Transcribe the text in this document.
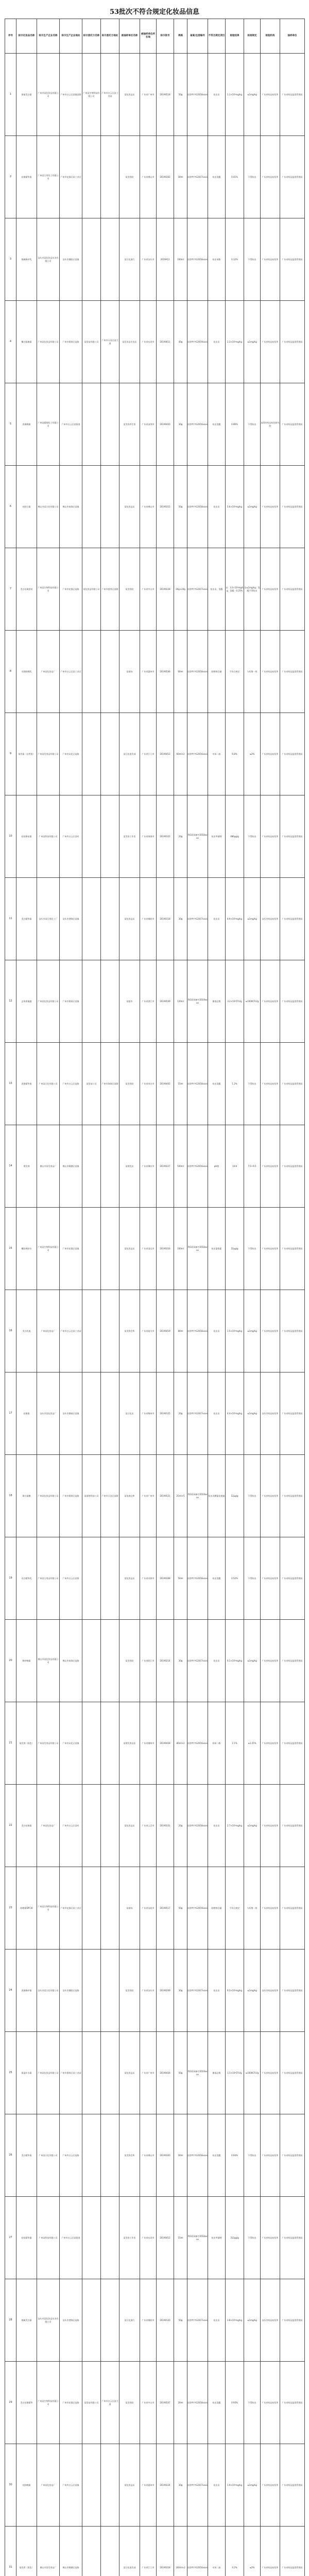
53批次不符合规定化妆品信息
序号	标示化妆品名称	标示生产企业名称	标示生产企业地址	标示委托方名称	标示委托方地址	被抽样单位名称	被抽样单位所在地	标示批号	规格	备案/注册编号	不符合规定项目	检验结果	标准规定	检验机构	抽样单位
1	茵丽美白霜	广州市某化妆品有限公司	广州市白云区某镇某路	广州某生物科技有限公司	广州市白云区某工业园	某化妆品店	广东省广州市	20190518	50g	国妆特字G2018xxxx	检出汞	1.1×10³mg/kg	≤1mg/kg	广东省药品检验所	广东省药品监督管理局
2	祛斑精华液	广州某日用化工有限公司	广州市花都区某工业区			某美容院	广东省佛山市	20190302	30ml	国妆特字G2017xxxx	检出氢醌	0.41%	不得检出	广东省药品检验所	广东省药品监督管理局
3	焕颜修护乳	汕头市某化妆品实业有限公司	汕头市潮阳区某镇			某日化商行	广东省汕头市	2019A12	100ml	国妆特字G2018xxxx	检出苯酚	0.12%	不得检出	广东省药品检验所	广东省药品监督管理局
4	嫩白隔离霜	广州某化妆品有限公司	广州市番禺区某路	某贸易有限公司	广州市天河区某大道	某化妆品专卖店	广东省东莞市	20190611	40g	国妆特字G2019xxxx	检出汞	2.3×10³mg/kg	≤1mg/kg	广东省药品检验所	广东省药品监督管理局
5	淡斑晚霜	广州某精细化工有限公司	广州市白云区某街道			某美容养生馆	广东省深圳市	20190420	30g	国妆特字G2016xxxx	检出氢醌	0.86%	不得检出	深圳市药品检验研究院	广东省药品监督管理局
6	亮肤日霜	佛山市某日化有限公司	佛山市南海区某镇			某化妆品店	广东省佛山市	20190315	50g	国妆特字G2018xxxx	检出汞	5.6×10²mg/kg	≤1mg/kg	广东省药品检验所	广东省药品监督管理局
7	美白祛斑套装	广州某生物科技有限公司	广州市花都区某路	某化妆品有限公司	广州市越秀区某路	某美容院	广东省中山市	20190228	20g+20g	国妆特字G2017xxxx	检出汞、氢醌	汞：3.2×10³mg/kg；氢醌：0.25%	汞≤1mg/kg；氢醌不得检出	广东省药品检验所	广东省药品监督管理局
8	水润防晒乳	广州某化妆品厂	广州市白云区某工业区			某商场	广东省惠州市	20190506	60ml	国妆特字G2018xxxx	防晒剂含量	不符合规定	与标签一致	广东省药品检验所	广东省药品监督管理局
9	染发霜（自然黑）	广州某发用品有限公司	广州市从化区某路			某日化批发部	广东省江门市	20190412	60ml×2	国妆特字G2016xxxx	对苯二胺	6.8%	≤2%	广东省药品检验所	广东省药品监督管理局
10	祛痘修复霜	广州某科技有限公司	广州市白云区某村			某美容工作室	广东省珠海市	20190322	20g	粤G妆网备字2018xxxx	检出甲硝唑	486μg/g	不得检出	广东省药品检验所	广东省药品监督管理局
11	美白精华霜	汕头市某日用化工厂	汕头市澄海区某镇			某化妆品店	广东省揭阳市	20190118	30g	国妆特字G2017xxxx	检出汞	8.9×10²mg/kg	≤1mg/kg	汕头市药品检验所	广东省药品监督管理局
12	去角质凝露	广州某化妆品有限公司	广州市番禺区某镇			某超市	广东省湛江市	20190509	120ml	粤G妆网备字2019xxxx	菌落总数	3.2×10⁴CFU/g	≤1000CFU/g	广东省药品检验所	广东省药品监督管理局
13	淡斑精华液	广州某日化有限公司	广州市白云区某路	某贸易公司	广州市海珠区某路	某美容院	广东省茂名市	20190402	15ml	国妆特字G2018xxxx	检出氢醌	1.2%	不得检出	广东省药品检验所	广东省药品监督管理局
14	烫发剂	佛山市某发用品厂	佛山市顺德区某镇			某理发店	广东省肇庆市	20190227	500ml	国妆特字G2016xxxx	pH值	10.8	7.0~9.5	广东省药品检验所	广东省药品监督管理局
15	嫩肤爽肤水	广州某生物科技有限公司	广州市花都区某镇			某化妆品店	广东省清远市	20190316	100ml	粤G妆网备字2018xxxx	检出氯霉素	22μg/g	不得检出	广东省药品检验所	广东省药品监督管理局
16	美白乳液	广州某化妆品厂	广州市白云区某工业园			某美容会所	广东省韶关市	20190419	80ml	国妆特字G2018xxxx	检出汞	1.5×10³mg/kg	≤1mg/kg	广东省药品检验所	广东省药品监督管理局
17	祛斑霜	汕头市某化妆品厂	汕头市潮南区某镇			某日化店	广东省梅州市	20190125	20g	国妆特字G2017xxxx	检出汞	4.4×10³mg/kg	≤1mg/kg	汕头市药品检验所	广东省药品监督管理局
18	焕白面膜	广州某化妆品有限公司	广州市番禺区某路	某网络科技公司	广州市天河区某路	某电商仓库	广东省广州市	20190521	25ml×5	粤G妆网备字2019xxxx	检出丙酸氯倍他索	12μg/g	不得检出	广东省药品检验所	广东省药品监督管理局
19	亮白精华乳	广州某日用品有限公司	广州市白云区某街			某化妆品店	广东省河源市	20190308	50ml	国妆特字G2018xxxx	检出氢醌	0.52%	不得检出	广东省药品检验所	广东省药品监督管理局
20	修护晚霜	佛山市某化妆品有限公司	佛山市南海区某路			某美容院	广东省阳江市	20190214	30g	国妆特字G2017xxxx	检出汞	6.1×10²mg/kg	≤1mg/kg	广东省药品检验所	广东省药品监督管理局
21	染发剂（棕色）	广州某发用品有限公司	广州市从化区某镇			某理发用品店	广东省潮州市	20190428	80ml×2	国妆特字G2016xxxx	间苯二酚	2.1%	≤1.25%	广东省药品检验所	广东省药品监督管理局
22	美白祛斑霜	广州某化妆品厂	广州市白云区某村			某化妆品店	广东省云浮市	20190331	20g	国妆特字G2018xxxx	检出汞	2.7×10³mg/kg	≤1mg/kg	广东省药品检验所	广东省药品监督管理局
23	防晒霜SPF30	广州某生物科技有限公司	广州市花都区某工业区			某商场	广东省汕尾市	20190517	50g	国妆特字G2019xxxx	防晒剂含量	不符合规定	与标签一致	广东省药品检验所	广东省药品监督管理局
24	淡斑修护霜	汕头市某日化有限公司	汕头市潮阳区某路			某美容院	广东省汕头市	20190209	30g	国妆特字G2017xxxx	检出汞	9.3×10²mg/kg	≤1mg/kg	汕头市药品检验所	广东省药品监督管理局
25	保湿补水霜	广州某化妆品有限公司	广州市番禺区某工业园			某化妆品店	广东省广州市	20190426	50g	粤G妆网备字2019xxxx	菌落总数	1.5×10⁴CFU/g	≤1000CFU/g	广东省药品检验所	广东省药品监督管理局
26	美白精华液	广州某日化有限公司	广州市白云区某路			某美容会所	广东省佛山市	20190303	30ml	国妆特字G2018xxxx	检出氢醌	0.64%	不得检出	广东省药品检验所	广东省药品监督管理局
27	祛痘精华露	广州某科技有限公司	广州市白云区某街道			某美容工作室	广东省东莞市	20190412	15ml	粤G妆网备字2018xxxx	检出甲硝唑	312μg/g	不得检出	广东省药品检验所	广东省药品监督管理局
28	焕颜美白霜	汕头市某化妆品实业有限公司	汕头市澄海区某路			某日化商行	广东省揭阳市	20190120	50g	国妆特字G2017xxxx	检出汞	3.8×10³mg/kg	≤1mg/kg	汕头市药品检验所	广东省药品监督管理局
29	美白祛斑精华	广州某生物科技有限公司	广州市花都区某路	某贸易有限公司	广州市白云区某大道	某美容院	广东省中山市	20190507	20ml	国妆特字G2018xxxx	检出氢醌	0.93%	不得检出	广东省药品检验所	广东省药品监督管理局
30	亮肤晚霜	广州某化妆品厂	广州市白云区某镇			某化妆品店	广东省惠州市	20190224	30g	国妆特字G2017xxxx	检出汞	1.9×10³mg/kg	≤1mg/kg	广东省药品检验所	广东省药品监督管理局
31	染发膏（黑色）	佛山市某发用品厂	佛山市顺德区某路			某日化批发部	广东省江门市	20190318	100ml×2	国妆特字G2016xxxx	对苯二胺	4.2%	≤2%	广东省药品检验所	广东省药品监督管理局
